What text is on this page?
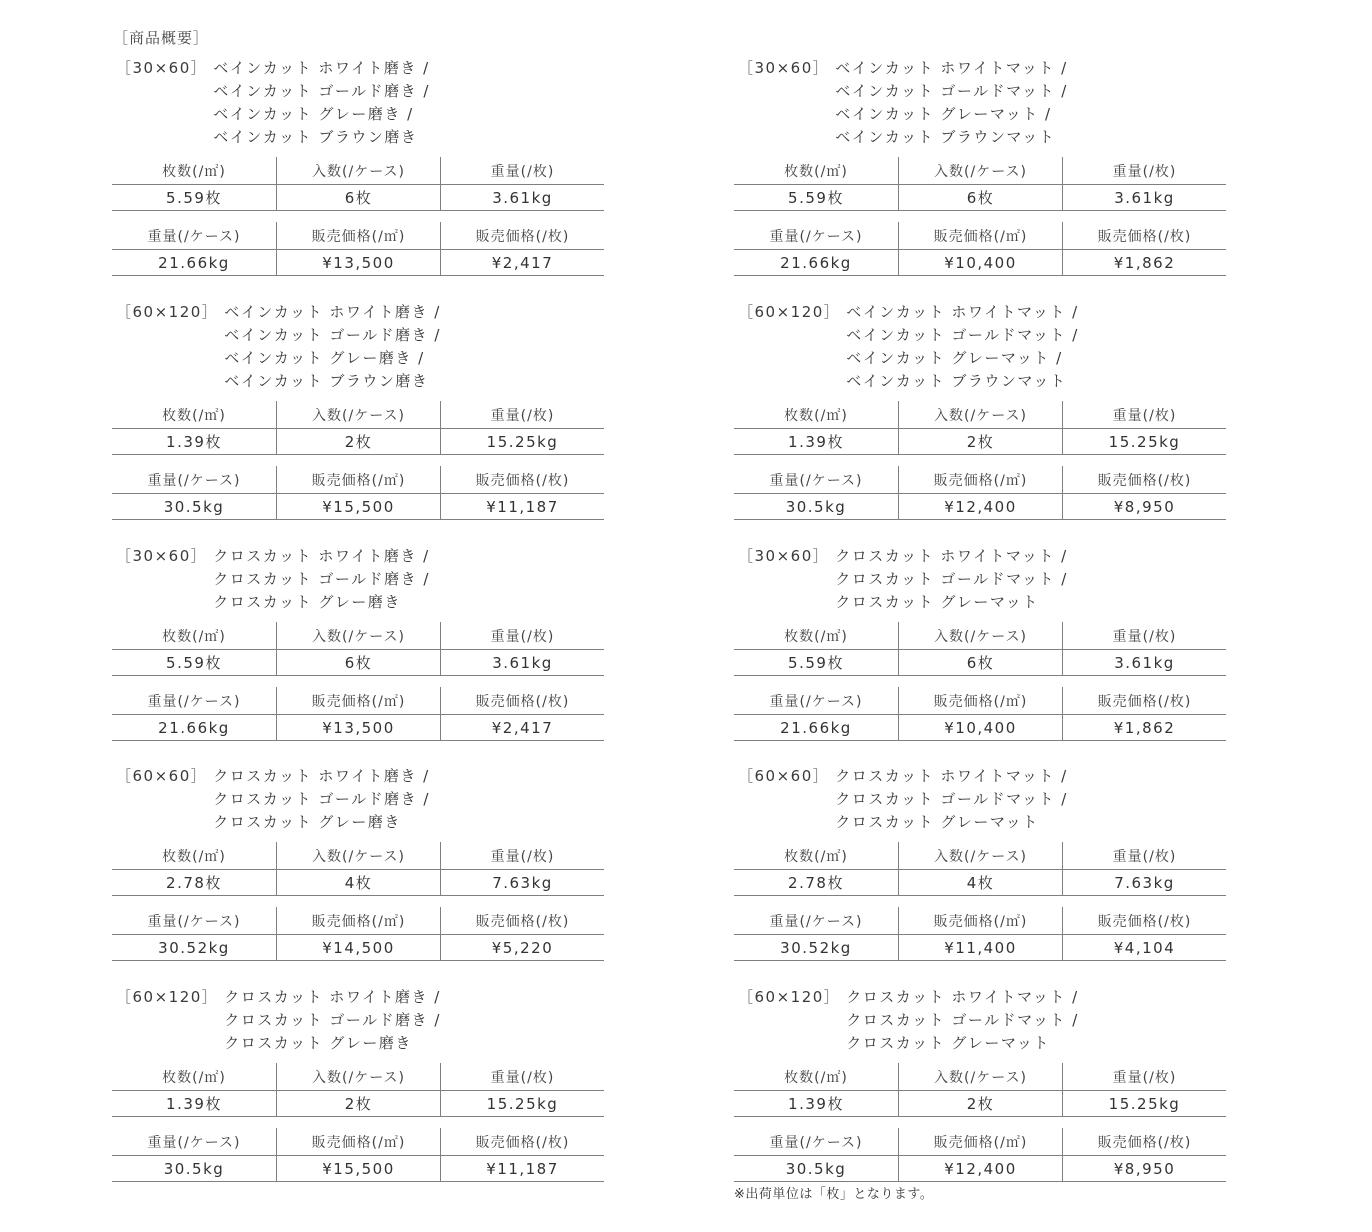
［商品概要］
［30×60］ ベインカット ホワイト磨き /
ベインカット ゴールド磨き /
ベインカット グレー磨き /
ベインカット ブラウン磨き
枚数(/㎡)	入数(/ケース)	重量(/枚)
5.59枚	6枚	3.61kg
重量(/ケース)	販売価格(/㎡)	販売価格(/枚)
21.66kg	¥13,500	¥2,417
［60×120］ ベインカット ホワイト磨き /
ベインカット ゴールド磨き /
ベインカット グレー磨き /
ベインカット ブラウン磨き
枚数(/㎡)	入数(/ケース)	重量(/枚)
1.39枚	2枚	15.25kg
重量(/ケース)	販売価格(/㎡)	販売価格(/枚)
30.5kg	¥15,500	¥11,187
［30×60］ クロスカット ホワイト磨き /
クロスカット ゴールド磨き /
クロスカット グレー磨き
枚数(/㎡)	入数(/ケース)	重量(/枚)
5.59枚	6枚	3.61kg
重量(/ケース)	販売価格(/㎡)	販売価格(/枚)
21.66kg	¥13,500	¥2,417
［60×60］ クロスカット ホワイト磨き /
クロスカット ゴールド磨き /
クロスカット グレー磨き
枚数(/㎡)	入数(/ケース)	重量(/枚)
2.78枚	4枚	7.63kg
重量(/ケース)	販売価格(/㎡)	販売価格(/枚)
30.52kg	¥14,500	¥5,220
［60×120］ クロスカット ホワイト磨き /
クロスカット ゴールド磨き /
クロスカット グレー磨き
枚数(/㎡)	入数(/ケース)	重量(/枚)
1.39枚	2枚	15.25kg
重量(/ケース)	販売価格(/㎡)	販売価格(/枚)
30.5kg	¥15,500	¥11,187
［30×60］ ベインカット ホワイトマット /
ベインカット ゴールドマット /
ベインカット グレーマット /
ベインカット ブラウンマット
枚数(/㎡)	入数(/ケース)	重量(/枚)
5.59枚	6枚	3.61kg
重量(/ケース)	販売価格(/㎡)	販売価格(/枚)
21.66kg	¥10,400	¥1,862
［60×120］ ベインカット ホワイトマット /
ベインカット ゴールドマット /
ベインカット グレーマット /
ベインカット ブラウンマット
枚数(/㎡)	入数(/ケース)	重量(/枚)
1.39枚	2枚	15.25kg
重量(/ケース)	販売価格(/㎡)	販売価格(/枚)
30.5kg	¥12,400	¥8,950
［30×60］ クロスカット ホワイトマット /
クロスカット ゴールドマット /
クロスカット グレーマット
枚数(/㎡)	入数(/ケース)	重量(/枚)
5.59枚	6枚	3.61kg
重量(/ケース)	販売価格(/㎡)	販売価格(/枚)
21.66kg	¥10,400	¥1,862
［60×60］ クロスカット ホワイトマット /
クロスカット ゴールドマット /
クロスカット グレーマット
枚数(/㎡)	入数(/ケース)	重量(/枚)
2.78枚	4枚	7.63kg
重量(/ケース)	販売価格(/㎡)	販売価格(/枚)
30.52kg	¥11,400	¥4,104
［60×120］ クロスカット ホワイトマット /
クロスカット ゴールドマット /
クロスカット グレーマット
枚数(/㎡)	入数(/ケース)	重量(/枚)
1.39枚	2枚	15.25kg
重量(/ケース)	販売価格(/㎡)	販売価格(/枚)
30.5kg	¥12,400	¥8,950
※出荷単位は「枚」となります。
